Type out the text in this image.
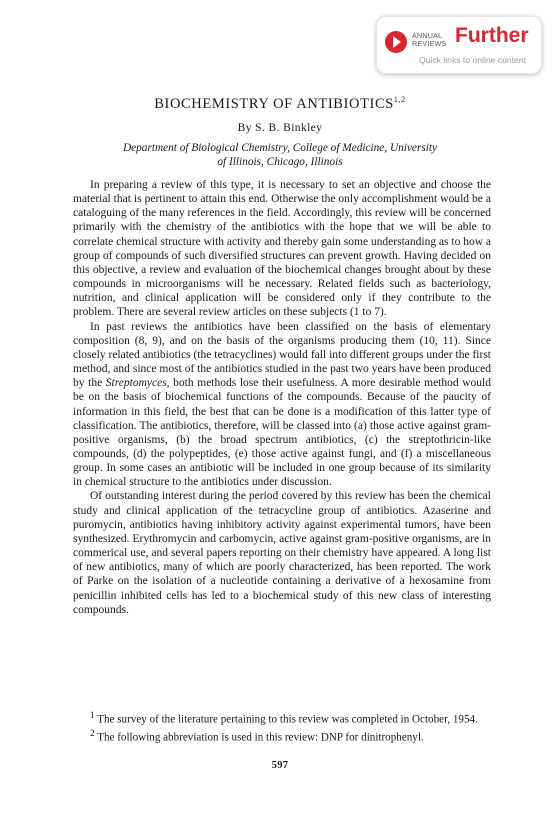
ANNUAL
REVIEWS Further
Quick links to online content
BIOCHEMISTRY OF ANTIBIOTICS$^{1,2}$
By S. B. Binkley
Department of Biological Chemistry, College of Medicine, University
of Illinois, Chicago, Illinois

In preparing a review of this type, it is necessary to set an objective and choose the material that is pertinent to attain this end. Otherwise the only accomplishment would be a cataloguing of the many references in the field. Accordingly, this review will be concerned primarily with the chemistry of the antibiotics with the hope that we will be able to correlate chemical structure with activity and thereby gain some understanding as to how a group of compounds of such diversified structures can prevent growth. Having decided on this objective, a review and evaluation of the biochemical changes brought about by these compounds in microorganisms will be necessary. Related fields such as bacteriology, nutrition, and clinical application will be considered only if they contribute to the problem. There are several review articles on these subjects (1 to 7).

In past reviews the antibiotics have been classified on the basis of elementary composition (8, 9), and on the basis of the organisms producing them (10, 11). Since closely related antibiotics (the tetracyclines) would fall into different groups under the first method, and since most of the antibiotics studied in the past two years have been produced by the Streptomyces, both methods lose their usefulness. A more desirable method would be on the basis of biochemical functions of the compounds. Because of the paucity of information in this field, the best that can be done is a modification of this latter type of classification. The antibiotics, therefore, will be classed into (a) those active against gram-positive organisms, (b) the broad spectrum antibiotics, (c) the streptothricin-like compounds, (d) the polypeptides, (e) those active against fungi, and (f) a miscellaneous group. In some cases an antibiotic will be included in one group because of its similarity in chemical structure to the antibiotics under discussion.

Of outstanding interest during the period covered by this review has been the chemical study and clinical application of the tetracycline group of antibiotics. Azaserine and puromycin, antibiotics having inhibitory activity against experimental tumors, have been synthesized. Erythromycin and carbomycin, active against gram-positive organisms, are in commerical use, and several papers reporting on their chemistry have appeared. A long list of new antibiotics, many of which are poorly characterized, has been reported. The work of Parke on the isolation of a nucleotide containing a derivative of a hexosamine from penicillin inhibited cells has led to a biochemical study of this new class of interesting compounds.

$^1$ The survey of the literature pertaining to this review was completed in October, 1954.

$^2$ The following abbreviation is used in this review: DNP for dinitrophenyl.

597
